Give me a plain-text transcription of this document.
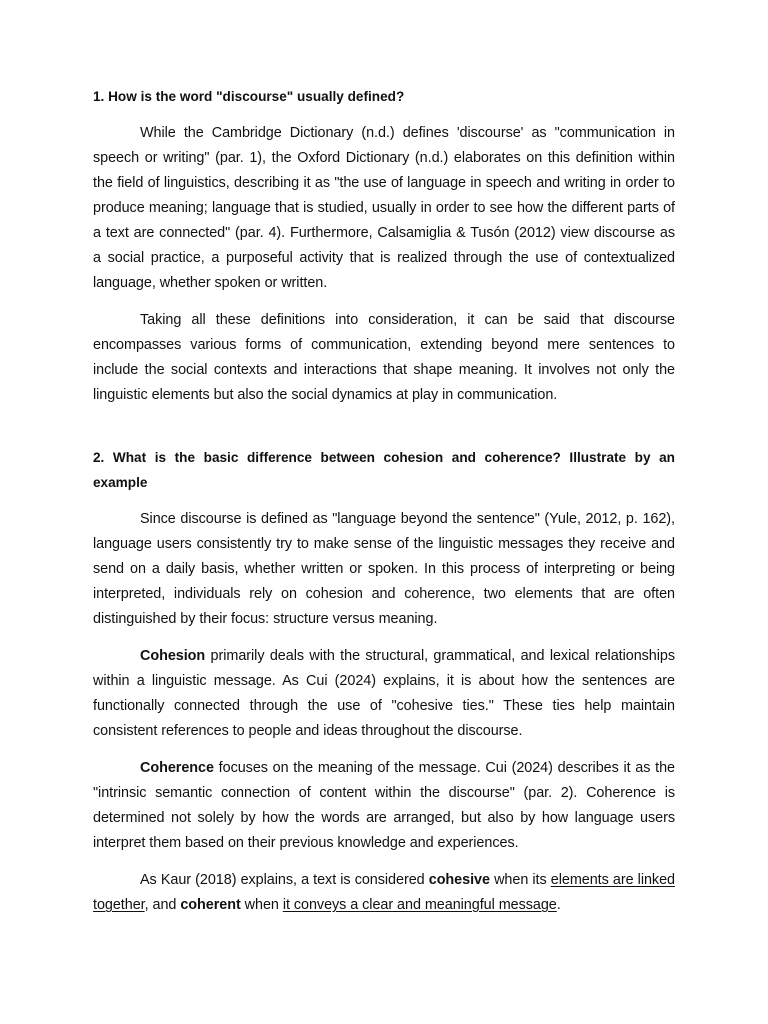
1. How is the word "discourse" usually defined?

While the Cambridge Dictionary (n.d.) defines 'discourse' as "communication in speech or writing" (par. 1), the Oxford Dictionary (n.d.) elaborates on this definition within the field of linguistics, describing it as "the use of language in speech and writing in order to produce meaning; language that is studied, usually in order to see how the different parts of a text are connected" (par. 4). Furthermore, Calsamiglia & Tusón (2012) view discourse as a social practice, a purposeful activity that is realized through the use of contextualized language, whether spoken or written.

Taking all these definitions into consideration, it can be said that discourse encompasses various forms of communication, extending beyond mere sentences to include the social contexts and interactions that shape meaning. It involves not only the linguistic elements but also the social dynamics at play in communication.

2. What is the basic difference between cohesion and coherence? Illustrate by an example

Since discourse is defined as "language beyond the sentence" (Yule, 2012, p. 162), language users consistently try to make sense of the linguistic messages they receive and send on a daily basis, whether written or spoken. In this process of interpreting or being interpreted, individuals rely on cohesion and coherence, two elements that are often distinguished by their focus: structure versus meaning.

Cohesion primarily deals with the structural, grammatical, and lexical relationships within a linguistic message. As Cui (2024) explains, it is about how the sentences are functionally connected through the use of "cohesive ties." These ties help maintain consistent references to people and ideas throughout the discourse.

Coherence focuses on the meaning of the message. Cui (2024) describes it as the "intrinsic semantic connection of content within the discourse" (par. 2). Coherence is determined not solely by how the words are arranged, but also by how language users interpret them based on their previous knowledge and experiences.

As Kaur (2018) explains, a text is considered cohesive when its elements are linked together, and coherent when it conveys a clear and meaningful message.
